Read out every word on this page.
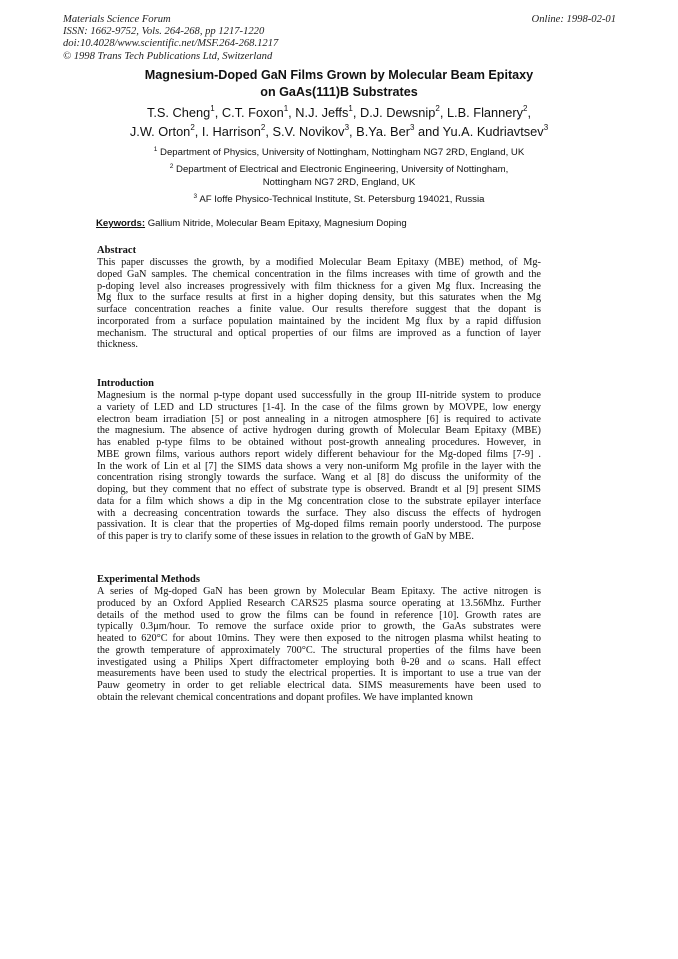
Materials Science Forum
ISSN: 1662-9752, Vols. 264-268, pp 1217-1220
doi:10.4028/www.scientific.net/MSF.264-268.1217
© 1998 Trans Tech Publications Ltd, Switzerland
Online: 1998-02-01
Magnesium-Doped GaN Films Grown by Molecular Beam Epitaxy
on GaAs(111)B Substrates
T.S. Cheng$^1$, C.T. Foxon$^1$, N.J. Jeffs$^1$, D.J. Dewsnip$^2$, L.B. Flannery$^2$,
J.W. Orton$^2$, I. Harrison$^2$, S.V. Novikov$^3$, B.Ya. Ber$^3$ and Yu.A. Kudriavtsev$^3$
$^1$ Department of Physics, University of Nottingham, Nottingham NG7 2RD, England, UK
$^2$ Department of Electrical and Electronic Engineering, University of Nottingham,
Nottingham NG7 2RD, England, UK
$^3$ AF Ioffe Physico-Technical Institute, St. Petersburg 194021, Russia
Keywords: Gallium Nitride, Molecular Beam Epitaxy, Magnesium Doping
Abstract
This paper discusses the growth, by a modified Molecular Beam Epitaxy (MBE) method, of Mg-
doped GaN samples. The chemical concentration in the films increases with time of growth and the
p-doping level also increases progressively with film thickness for a given Mg flux. Increasing the
Mg flux to the surface results at first in a higher doping density, but this saturates when the Mg
surface concentration reaches a finite value. Our results therefore suggest that the dopant is
incorporated from a surface population maintained by the incident Mg flux by a rapid diffusion
mechanism. The structural and optical properties of our films are improved as a function of layer
thickness.
Introduction
Magnesium is the normal p-type dopant used successfully in the group III-nitride system to produce
a variety of LED and LD structures [1-4]. In the case of the films grown by MOVPE, low energy
electron beam irradiation [5] or post annealing in a nitrogen atmosphere [6] is required to activate
the magnesium. The absence of active hydrogen during growth of Molecular Beam Epitaxy (MBE)
has enabled p-type films to be obtained without post-growth annealing procedures. However, in
MBE grown films, various authors report widely different behaviour for the Mg-doped films [7-9] .
In the work of Lin et al [7] the SIMS data shows a very non-uniform Mg profile in the layer with the
concentration rising strongly towards the surface. Wang et al [8] do discuss the uniformity of the
doping, but they comment that no effect of substrate type is observed. Brandt et al [9] present SIMS
data for a film which shows a dip in the Mg concentration close to the substrate epilayer interface
with a decreasing concentration towards the surface. They also discuss the effects of hydrogen
passivation. It is clear that the properties of Mg-doped films remain poorly understood. The purpose
of this paper is try to clarify some of these issues in relation to the growth of GaN by MBE.
Experimental Methods
A series of Mg-doped GaN has been grown by Molecular Beam Epitaxy. The active nitrogen is
produced by an Oxford Applied Research CARS25 plasma source operating at 13.56Mhz. Further
details of the method used to grow the films can be found in reference [10]. Growth rates are
typically 0.3μm/hour. To remove the surface oxide prior to growth, the GaAs substrates were
heated to 620°C for about 10mins. They were then exposed to the nitrogen plasma whilst heating to
the growth temperature of approximately 700°C. The structural properties of the films have been
investigated using a Philips Xpert diffractometer employing both θ-2θ and ω scans. Hall effect
measurements have been used to study the electrical properties. It is important to use a true van der
Pauw geometry in order to get reliable electrical data. SIMS measurements have been used to
obtain the relevant chemical concentrations and dopant profiles. We have implanted known
